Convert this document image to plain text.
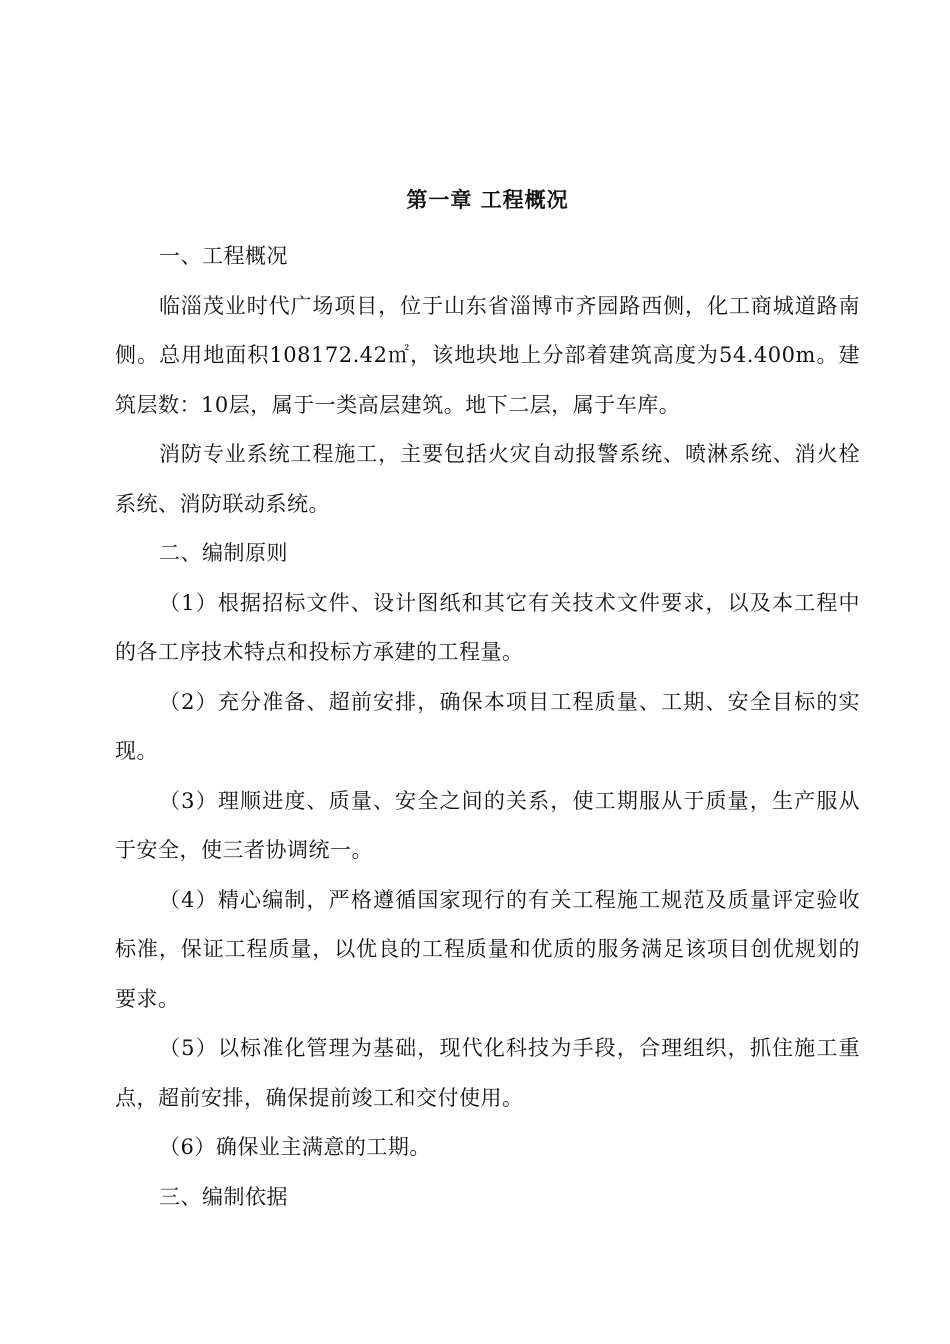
第一章 工程概况

一、工程概况

临淄茂业时代广场项目，位于山东省淄博市齐园路西侧，化工商城道路南侧。总用地面积108172.42㎡，该地块地上分部着建筑高度为54.400m。建筑层数：10层，属于一类高层建筑。地下二层，属于车库。

消防专业系统工程施工，主要包括火灾自动报警系统、喷淋系统、消火栓系统、消防联动系统。

二、编制原则

（1）根据招标文件、设计图纸和其它有关技术文件要求，以及本工程中的各工序技术特点和投标方承建的工程量。

（2）充分准备、超前安排，确保本项目工程质量、工期、安全目标的实现。

（3）理顺进度、质量、安全之间的关系，使工期服从于质量，生产服从于安全，使三者协调统一。

（4）精心编制，严格遵循国家现行的有关工程施工规范及质量评定验收标准，保证工程质量，以优良的工程质量和优质的服务满足该项目创优规划的要求。

（5）以标准化管理为基础，现代化科技为手段，合理组织，抓住施工重点，超前安排，确保提前竣工和交付使用。

（6）确保业主满意的工期。

三、编制依据
